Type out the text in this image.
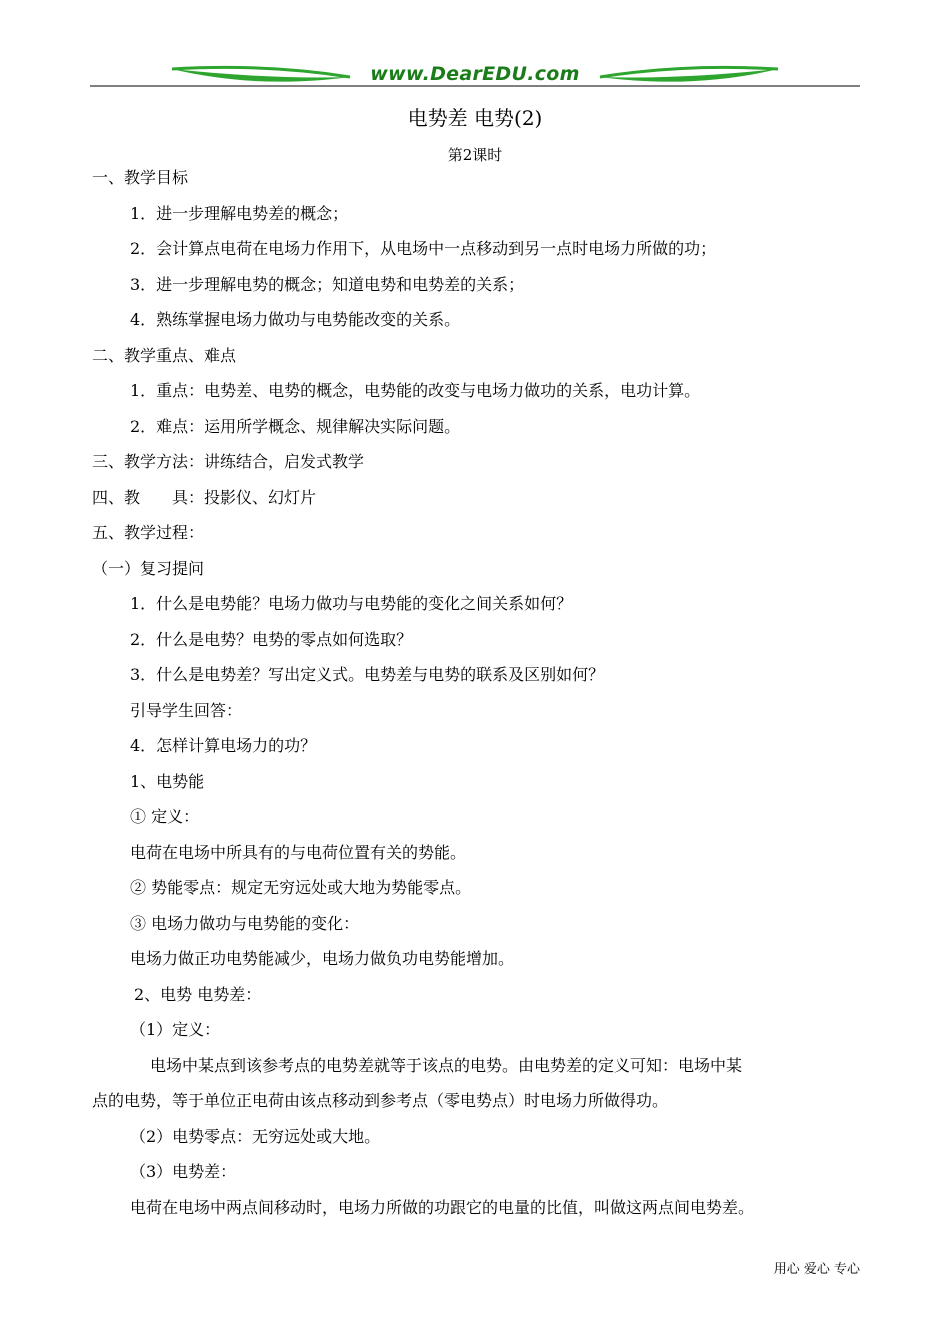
www.DearEDU.com
电势差 电势(2)
第2课时
一、教学目标
1．进一步理解电势差的概念；
2．会计算点电荷在电场力作用下，从电场中一点移动到另一点时电场力所做的功；
3．进一步理解电势的概念；知道电势和电势差的关系；
4．熟练掌握电场力做功与电势能改变的关系。
二、教学重点、难点
1．重点：电势差、电势的概念，电势能的改变与电场力做功的关系，电功计算。
2．难点：运用所学概念、规律解决实际问题。
三、教学方法：讲练结合，启发式教学
四、教　　具：投影仪、幻灯片
五、教学过程：
（一）复习提问
1．什么是电势能？电场力做功与电势能的变化之间关系如何？
2．什么是电势？电势的零点如何选取？
3．什么是电势差？写出定义式。电势差与电势的联系及区别如何？
引导学生回答：
4．怎样计算电场力的功？
1、电势能
① 定义：
电荷在电场中所具有的与电荷位置有关的势能。
② 势能零点：规定无穷远处或大地为势能零点。
③ 电场力做功与电势能的变化：
电场力做正功电势能减少，电场力做负功电势能增加。
2、电势 电势差：
（1）定义：
电场中某点到该参考点的电势差就等于该点的电势。由电势差的定义可知：电场中某
点的电势，等于单位正电荷由该点移动到参考点（零电势点）时电场力所做得功。
（2）电势零点：无穷远处或大地。
（3）电势差：
电荷在电场中两点间移动时，电场力所做的功跟它的电量的比值，叫做这两点间电势差。
用心 爱心 专心
